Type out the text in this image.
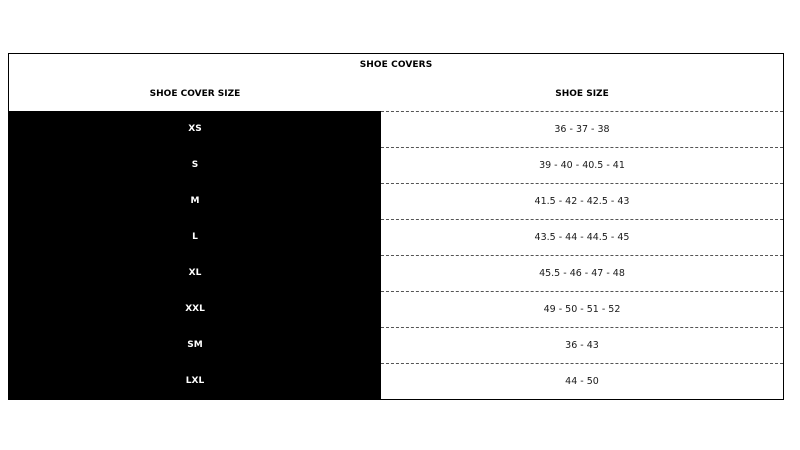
SHOE COVERS
SHOE COVER SIZE	SHOE SIZE
XS	36 - 37 - 38
S	39 - 40 - 40.5 - 41
M	41.5 - 42 - 42.5 - 43
L	43.5 - 44 - 44.5 - 45
XL	45.5 - 46 - 47 - 48
XXL	49 - 50 - 51 - 52
SM	36 - 43
LXL	44 - 50
